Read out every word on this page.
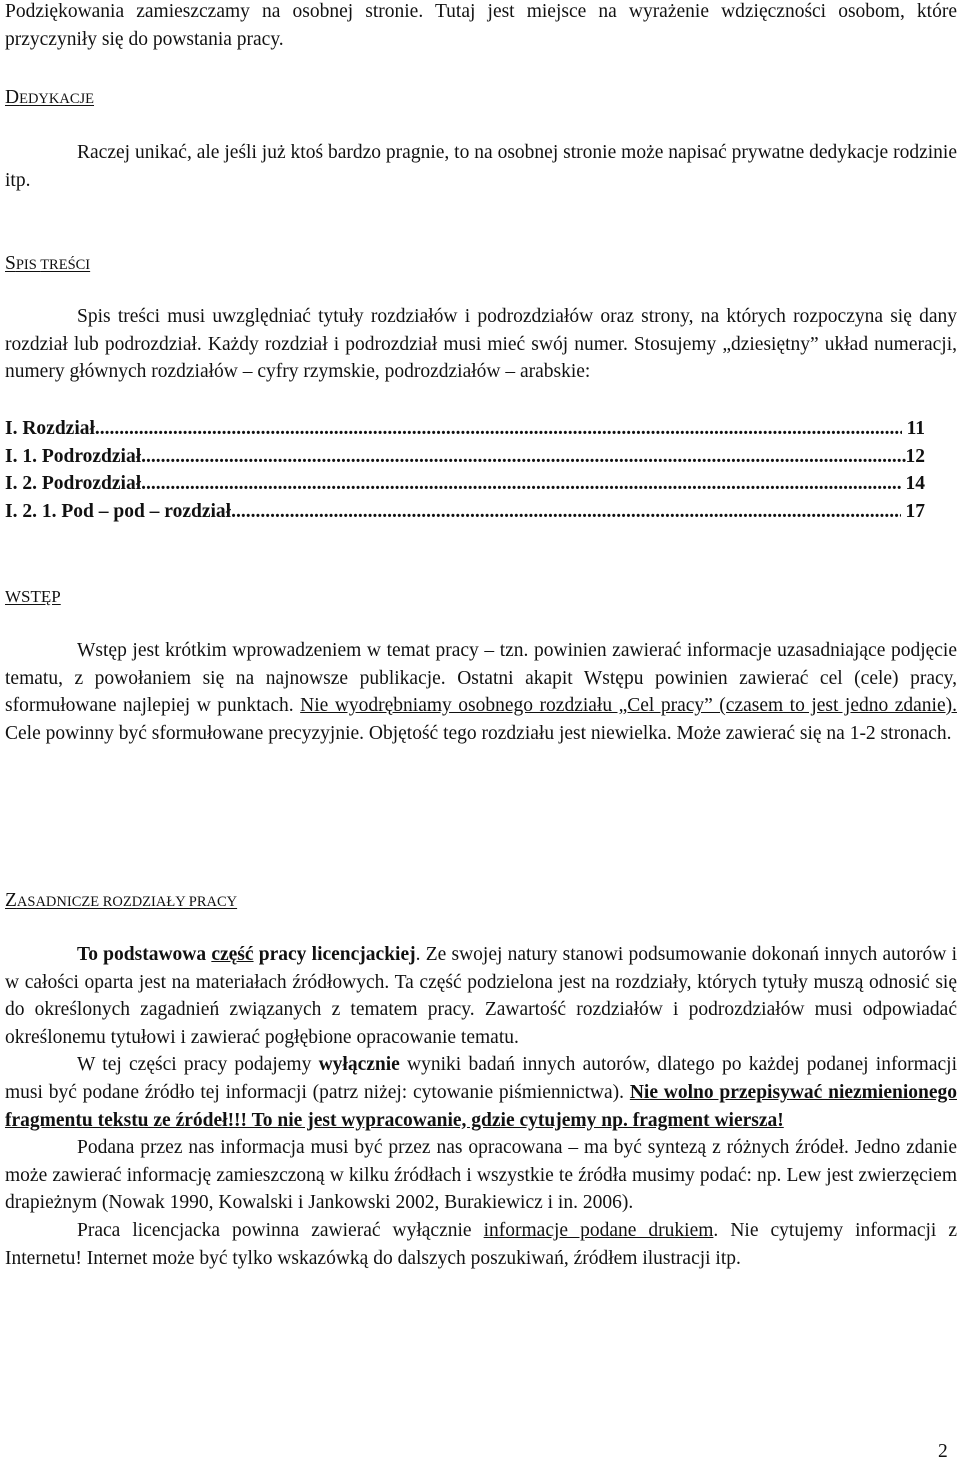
Podziękowania zamieszczamy na osobnej stronie. Tutaj jest miejsce na wyrażenie wdzięczności osobom, które przyczyniły się do powstania pracy.

DEDYKACJE

Raczej unikać, ale jeśli już ktoś bardzo pragnie, to na osobnej stronie może napisać prywatne dedykacje rodzinie itp.

SPIS TREŚCI

Spis treści musi uwzględniać tytuły rozdziałów i podrozdziałów oraz strony, na których rozpoczyna się dany rozdział lub podrozdział. Każdy rozdział i podrozdział musi mieć swój numer. Stosujemy „dziesiętny” układ numeracji, numery głównych rozdziałów – cyfry rzymskie, podrozdziałów – arabskie:

I. Rozdział .....	11
I. 1. Podrozdział .....	12
I. 2. Podrozdział .....	14
I. 2. 1. Pod – pod – rozdział .....	17
WSTĘP

Wstęp jest krótkim wprowadzeniem w temat pracy – tzn. powinien zawierać informacje uzasadniające podjęcie tematu, z powołaniem się na najnowsze publikacje. Ostatni akapit Wstępu powinien zawierać cel (cele) pracy, sformułowane najlepiej w punktach. Nie wyodrębniamy osobnego rozdziału „Cel pracy” (czasem to jest jedno zdanie). Cele powinny być sformułowane precyzyjnie. Objętość tego rozdziału jest niewielka. Może zawierać się na 1-2 stronach.

ZASADNICZE ROZDZIAŁY PRACY

To podstawowa część pracy licencjackiej. Ze swojej natury stanowi podsumowanie dokonań innych autorów i w całości oparta jest na materiałach źródłowych. Ta część podzielona jest na rozdziały, których tytuły muszą odnosić się do określonych zagadnień związanych z tematem pracy. Zawartość rozdziałów i podrozdziałów musi odpowiadać określonemu tytułowi i zawierać pogłębione opracowanie tematu.

W tej części pracy podajemy wyłącznie wyniki badań innych autorów, dlatego po każdej podanej informacji musi być podane źródło tej informacji (patrz niżej: cytowanie piśmiennictwa). Nie wolno przepisywać niezmienionego fragmentu tekstu ze źródeł!!! To nie jest wypracowanie, gdzie cytujemy np. fragment wiersza!

Podana przez nas informacja musi być przez nas opracowana – ma być syntezą z różnych źródeł. Jedno zdanie może zawierać informację zamieszczoną w kilku źródłach i wszystkie te źródła musimy podać: np. Lew jest zwierzęciem drapieżnym (Nowak 1990, Kowalski i Jankowski 2002, Burakiewicz i in. 2006).

Praca licencjacka powinna zawierać wyłącznie informacje podane drukiem. Nie cytujemy informacji z Internetu! Internet może być tylko wskazówką do dalszych poszukiwań, źródłem ilustracji itp.

2
